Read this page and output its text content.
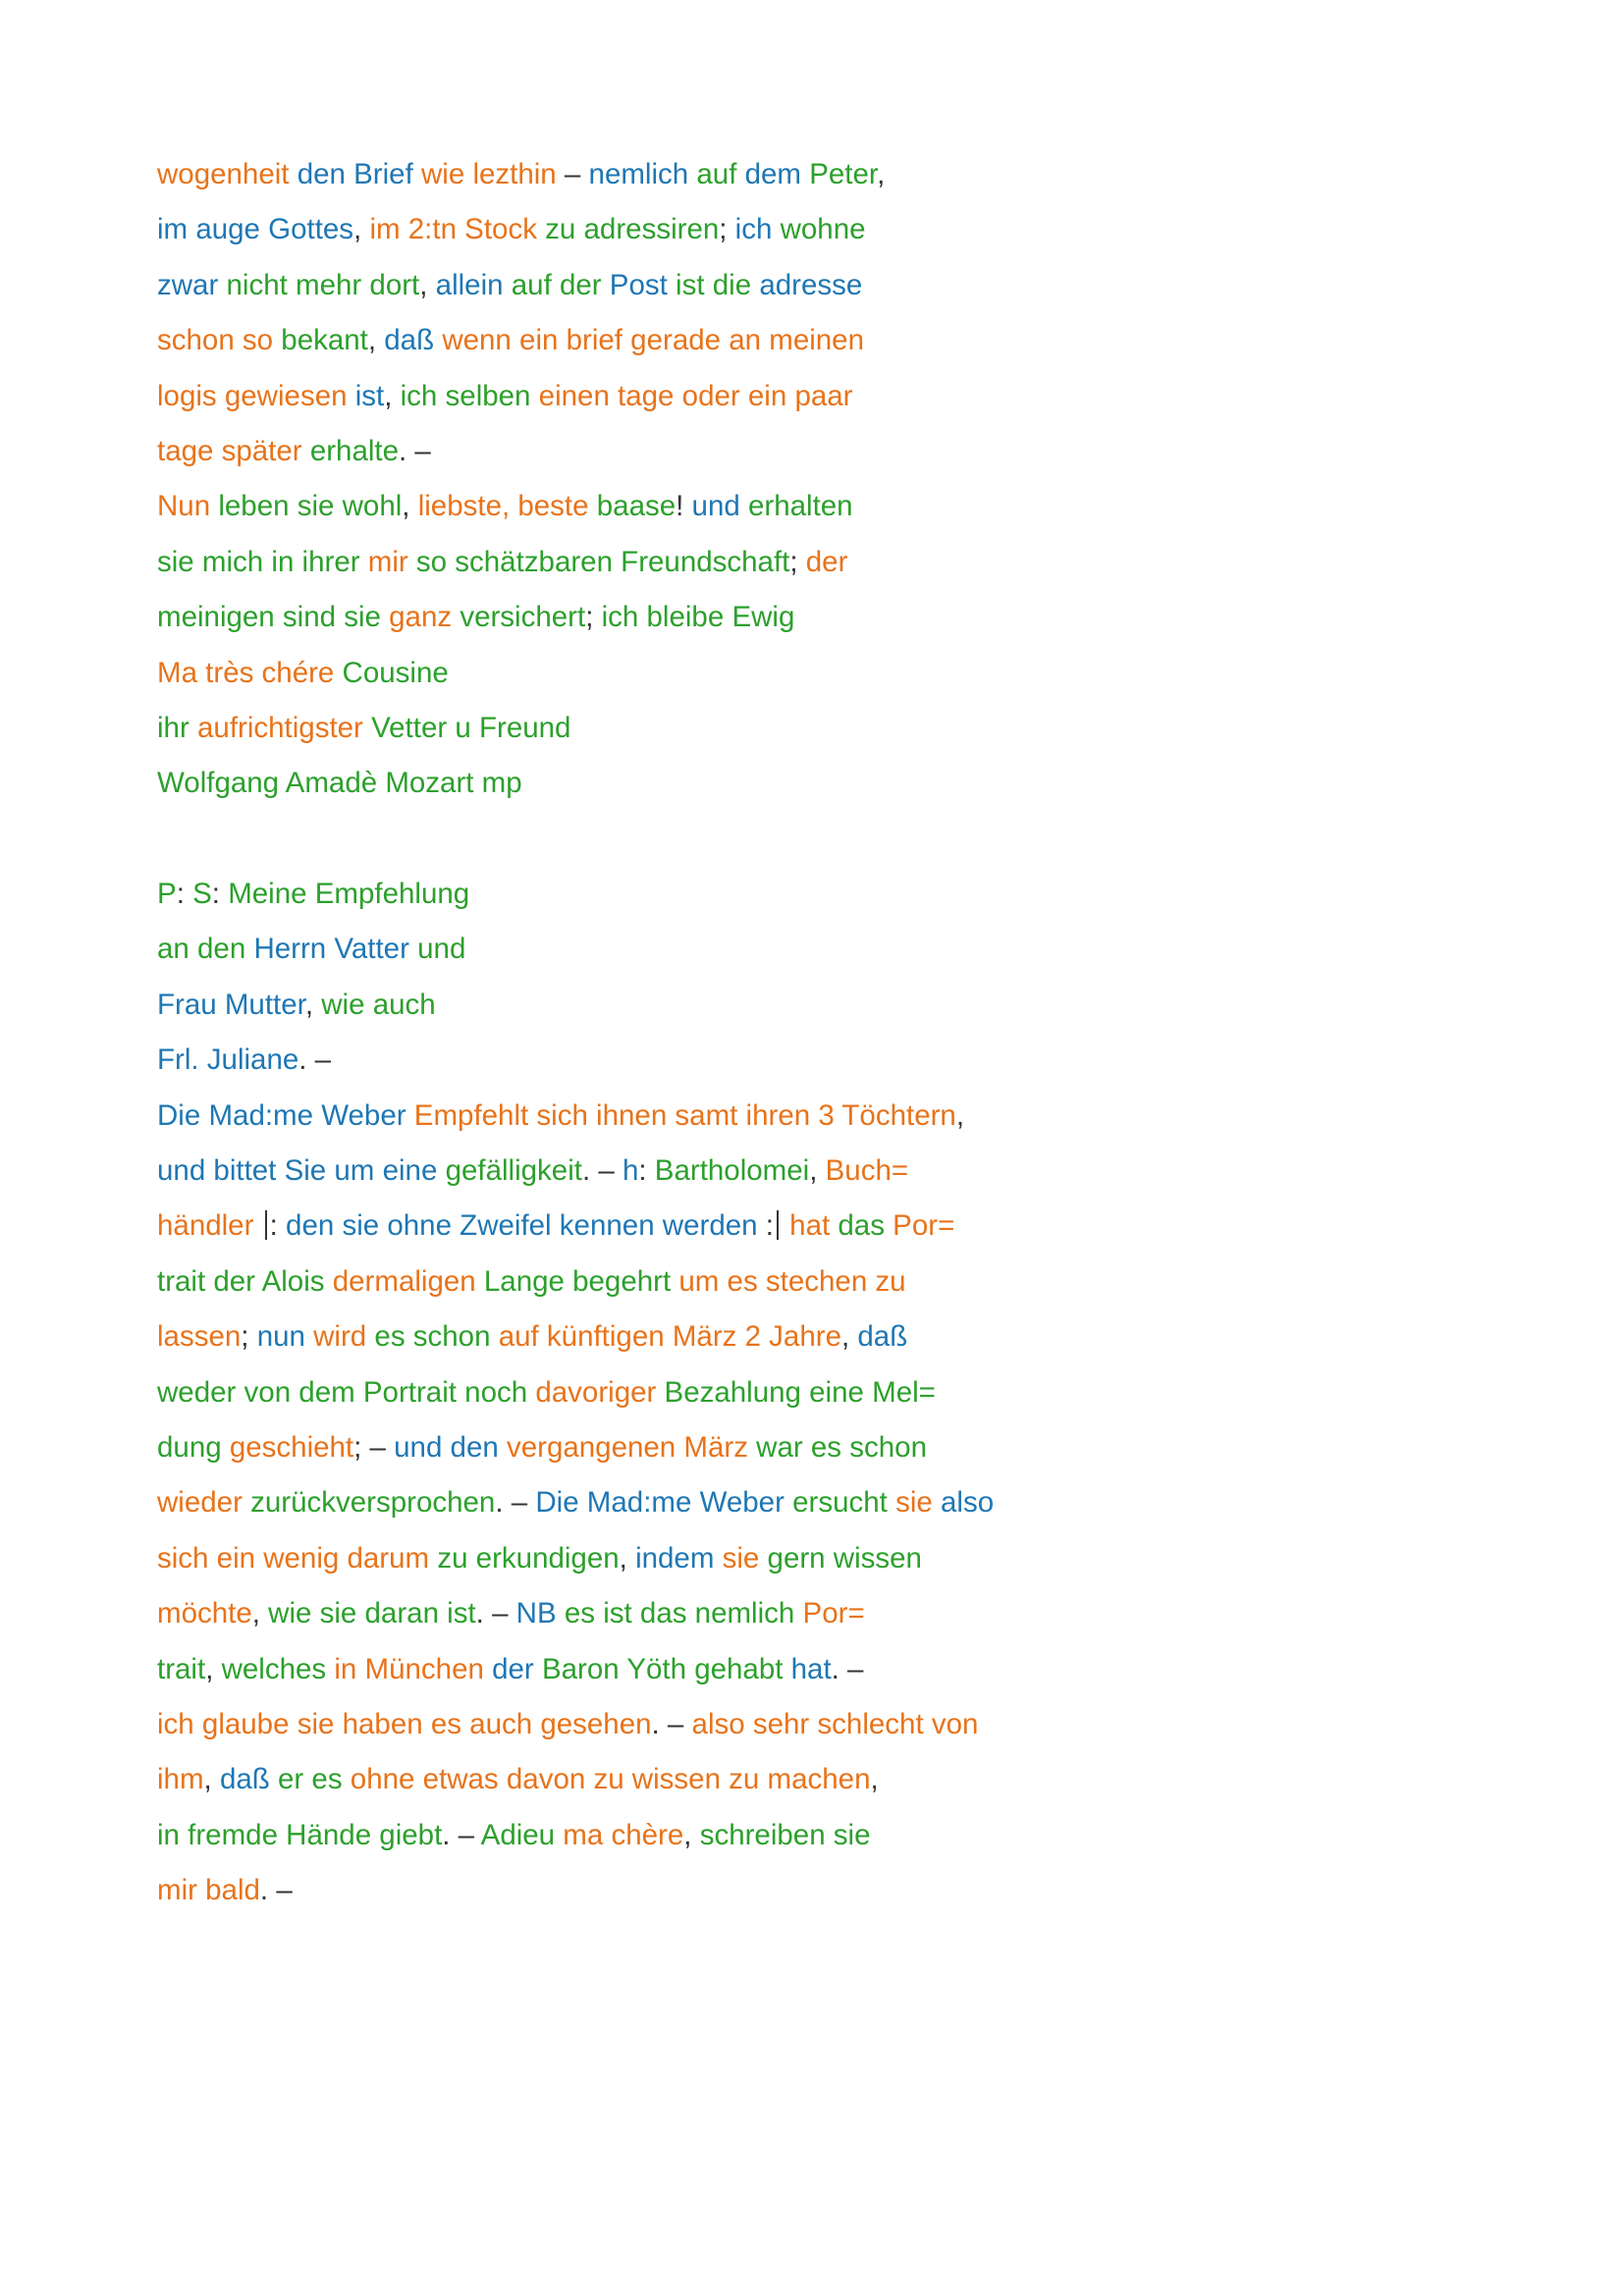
wogenheit den Brief wie lezthin – nemlich auf dem Peter,
im auge Gottes, im 2:tn Stock zu adressiren; ich wohne
zwar nicht mehr dort, allein auf der Post ist die adresse
schon so bekant, daß wenn ein brief gerade an meinen
logis gewiesen ist, ich selben einen tage oder ein paar
tage später erhalte. –
Nun leben sie wohl, liebste, beste baase! und erhalten
sie mich in ihrer mir so schätzbaren Freundschaft; der
meinigen sind sie ganz versichert; ich bleibe Ewig
Ma très chére Cousine
ihr aufrichtigster Vetter u Freund
Wolfgang Amadè Mozart mp
P: S: Meine Empfehlung
an den Herrn Vatter und
Frau Mutter, wie auch
Frl. Juliane. –
Die Mad:me Weber Empfehlt sich ihnen samt ihren 3 Töchtern,
und bittet Sie um eine gefälligkeit. – h: Bartholomei, Buch=
händler : den sie ohne Zweifel kennen werden : hat das Por=
trait der Alois dermaligen Lange begehrt um es stechen zu
lassen; nun wird es schon auf künftigen März 2 Jahre, daß
weder von dem Portrait noch davoriger Bezahlung eine Mel=
dung geschieht; – und den vergangenen März war es schon
wieder zurückversprochen. – Die Mad:me Weber ersucht sie also
sich ein wenig darum zu erkundigen, indem sie gern wissen
möchte, wie sie daran ist. – NB es ist das nemlich Por=
trait, welches in München der Baron Yöth gehabt hat. –
ich glaube sie haben es auch gesehen. – also sehr schlecht von
ihm, daß er es ohne etwas davon zu wissen zu machen,
in fremde Hände giebt. – Adieu ma chère, schreiben sie
mir bald. –
